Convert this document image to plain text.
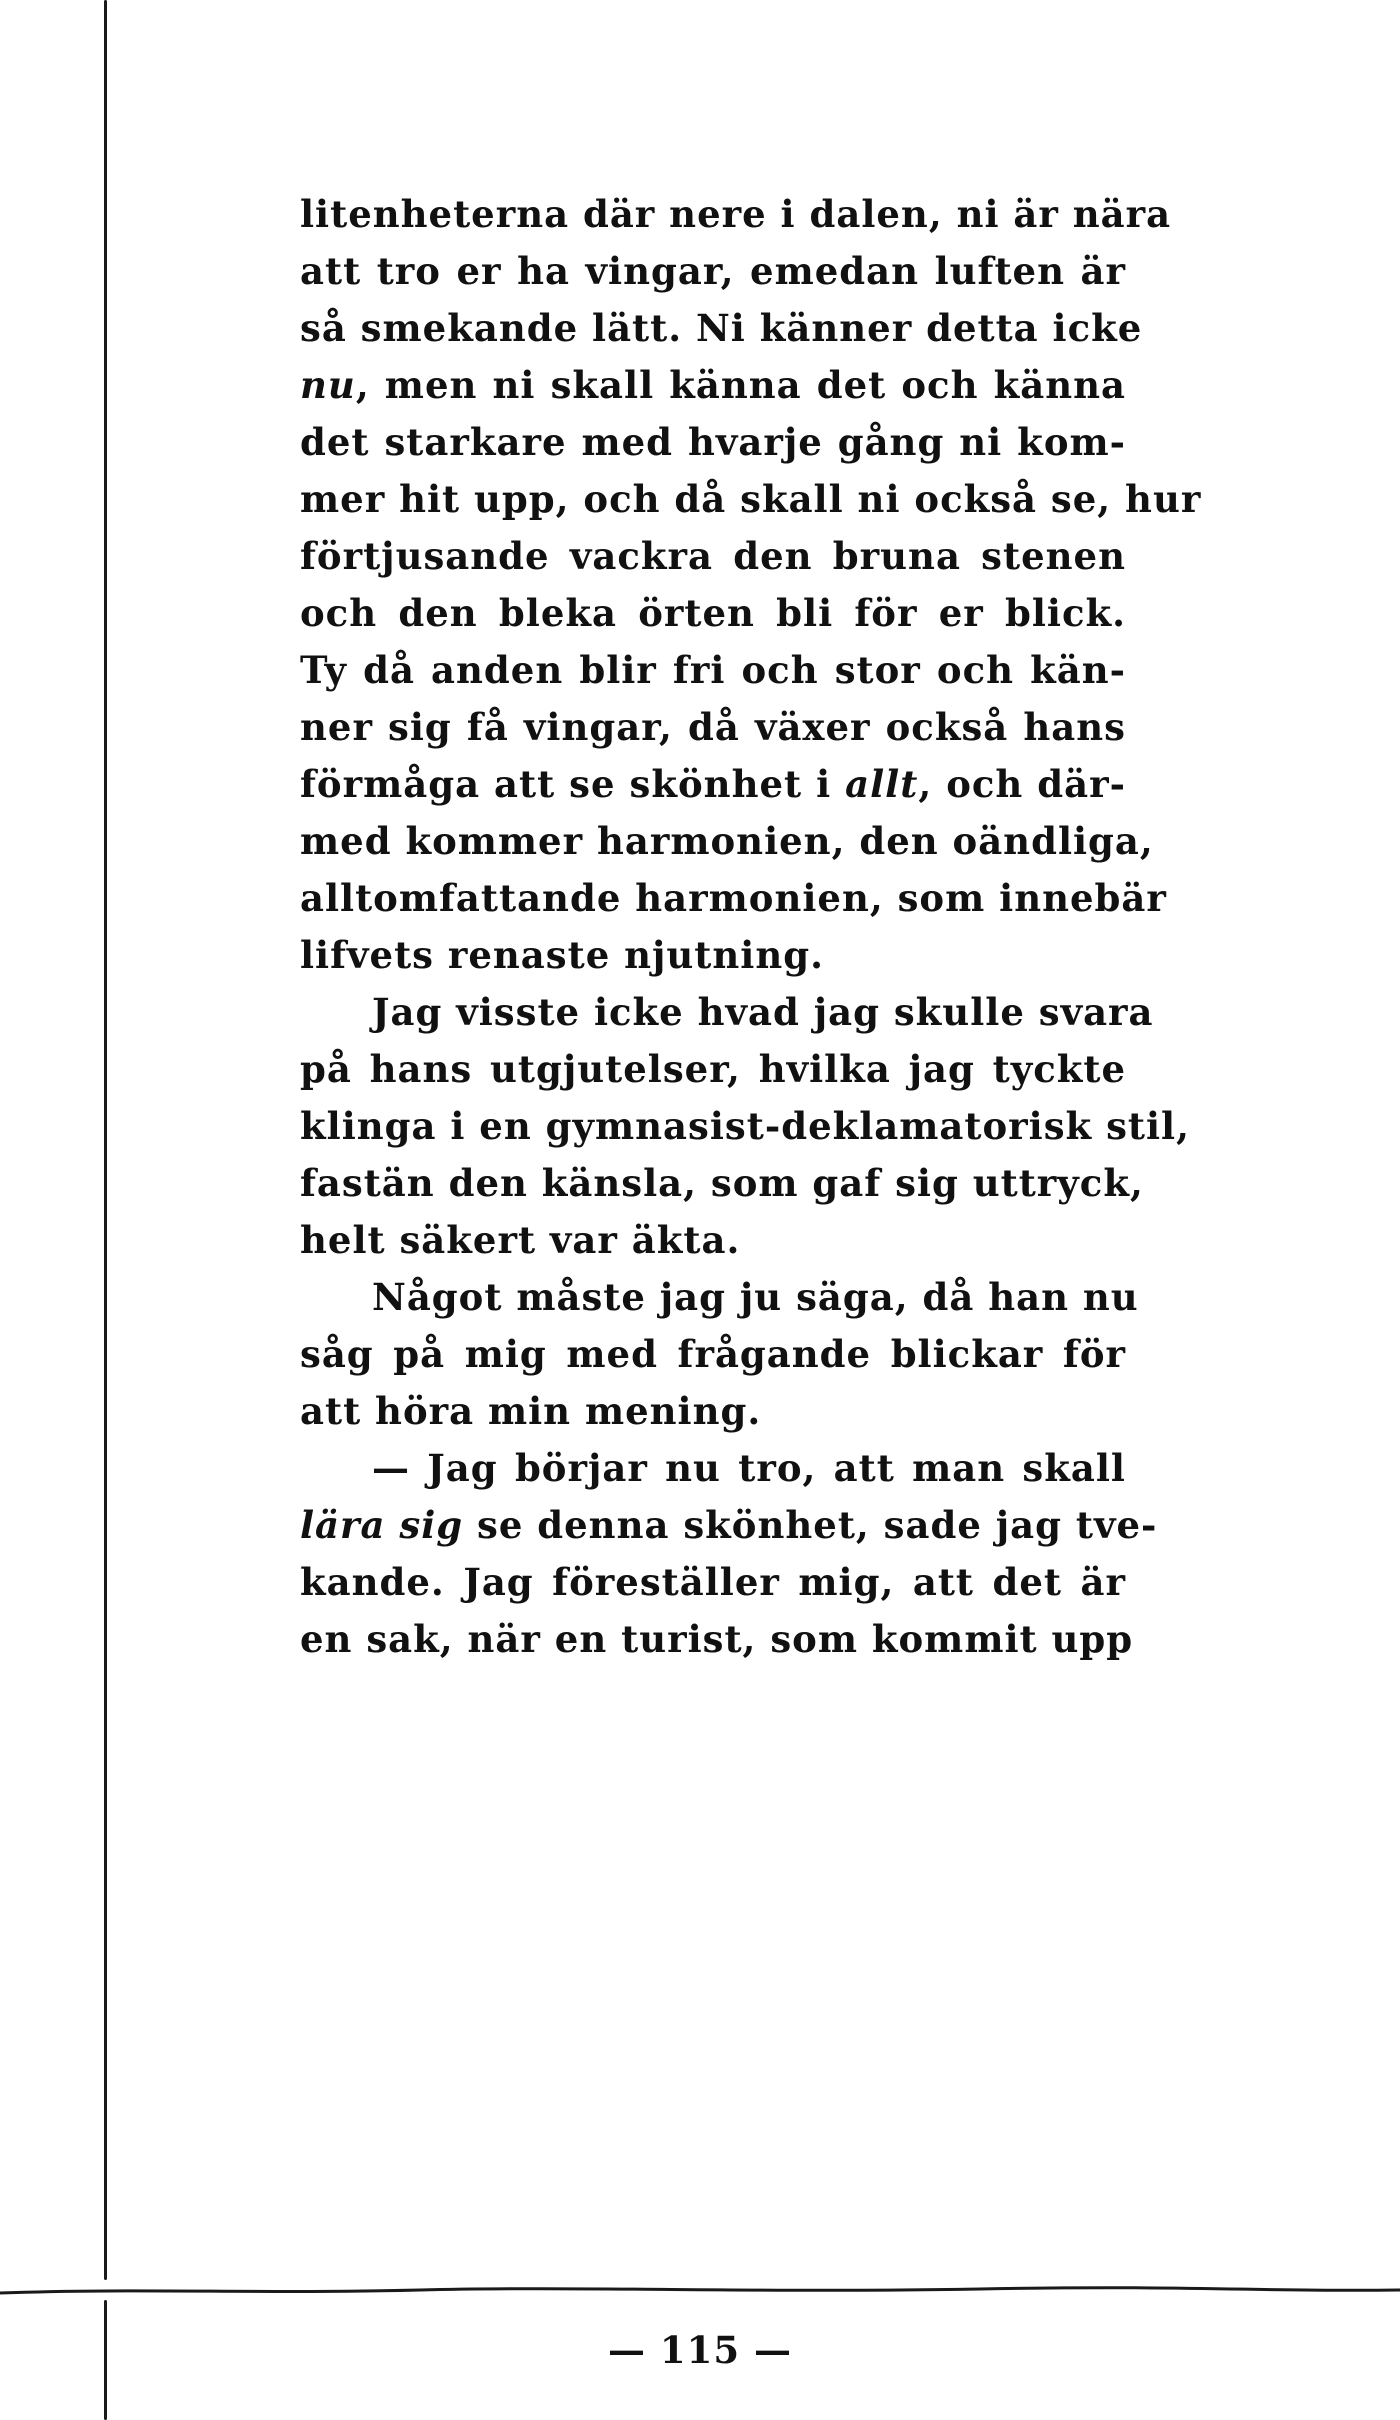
litenheterna där nere i dalen, ni är nära
att tro er ha vingar, emedan luften är
så smekande lätt. Ni känner detta icke
nu, men ni skall känna det och känna
det starkare med hvarje gång ni kom-
mer hit upp, och då skall ni också se, hur
förtjusande vackra den bruna stenen
och den bleka örten bli för er blick.
Ty då anden blir fri och stor och kän-
ner sig få vingar, då växer också hans
förmåga att se skönhet i allt, och där-
med kommer harmonien, den oändliga,
alltomfattande harmonien, som innebär
lifvets renaste njutning.
Jag visste icke hvad jag skulle svara
på hans utgjutelser, hvilka jag tyckte
klinga i en gymnasist-deklamatorisk stil,
fastän den känsla, som gaf sig uttryck,
helt säkert var äkta.
Något måste jag ju säga, då han nu
såg på mig med frågande blickar för
att höra min mening.
— Jag börjar nu tro, att man skall
lära sig se denna skönhet, sade jag tve-
kande. Jag föreställer mig, att det är
en sak, när en turist, som kommit upp
— 115 —
